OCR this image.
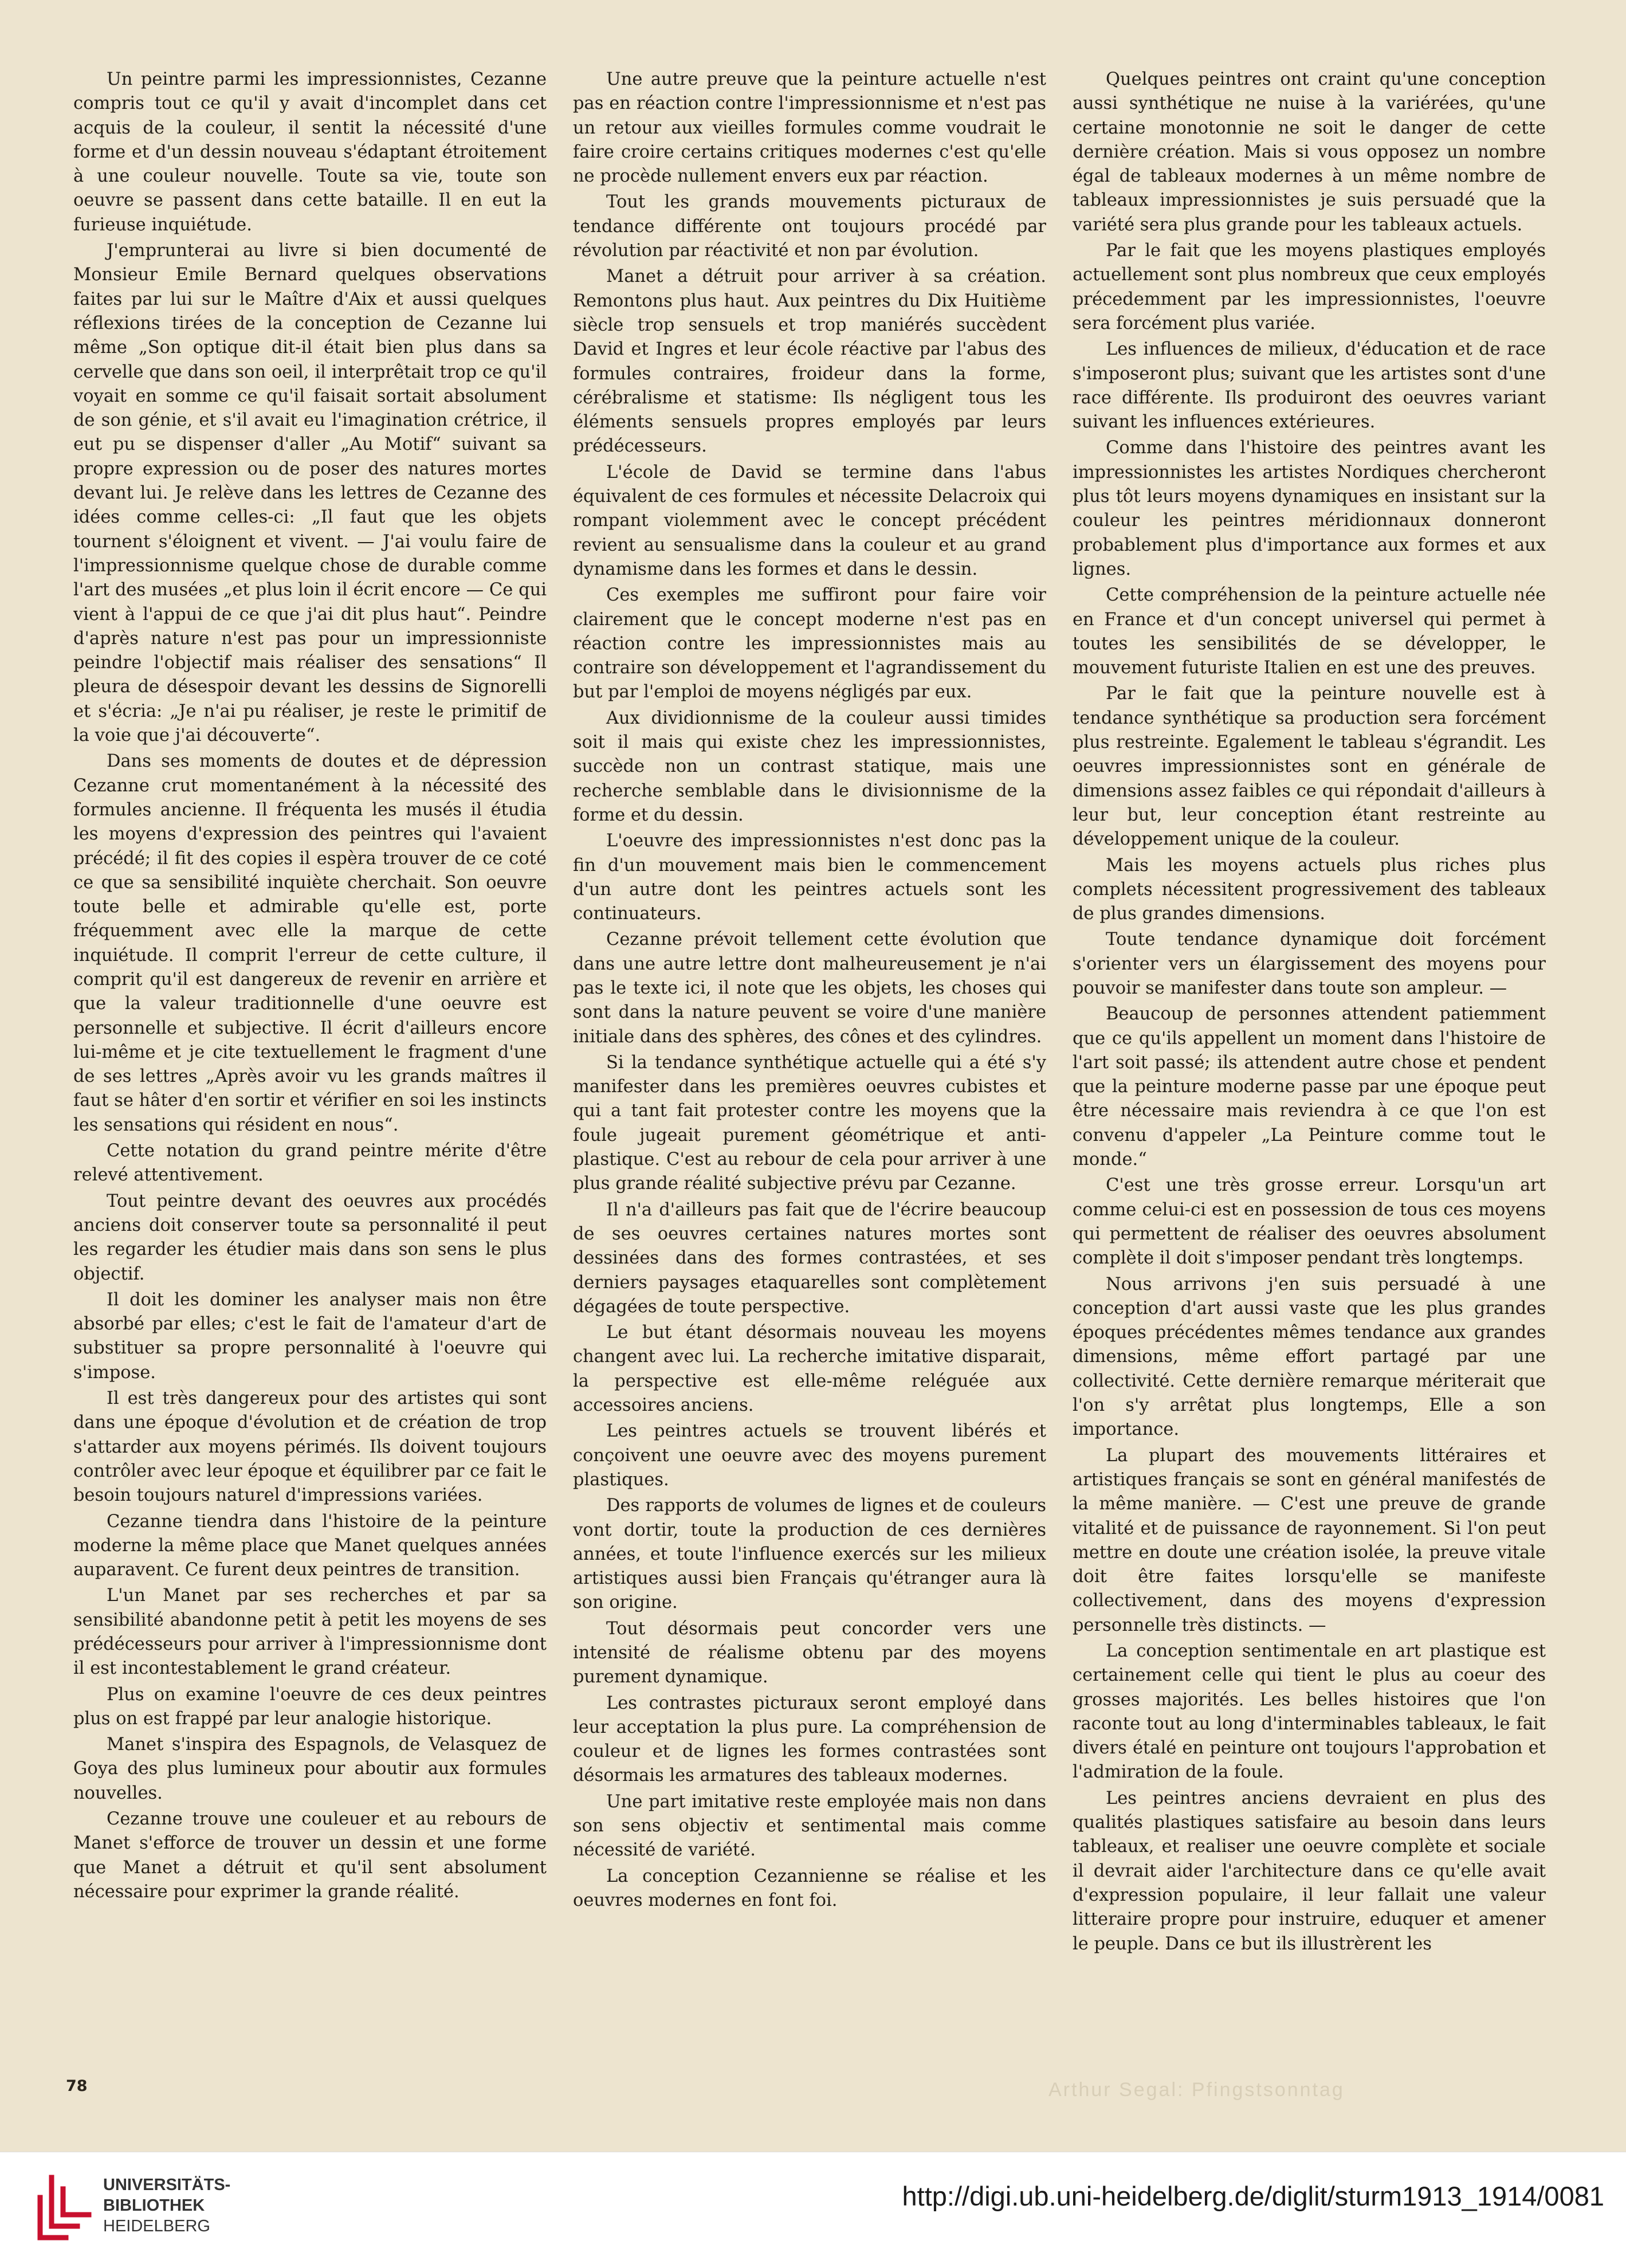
Un peintre parmi les impressionnistes, Cezanne compris tout ce qu'il y avait d'incomplet dans cet acquis de la couleur, il sentit la nécessité d'une forme et d'un dessin nouveau s'édaptant étroitement à une couleur nouvelle. Toute sa vie, toute son oeuvre se passent dans cette bataille. Il en eut la furieuse inquiétude.

J'emprunterai au livre si bien documenté de Monsieur Emile Bernard quelques observations faites par lui sur le Maître d'Aix et aussi quelques réflexions tirées de la conception de Cezanne lui même „Son optique dit-il était bien plus dans sa cervelle que dans son oeil, il interprêtait trop ce qu'il voyait en somme ce qu'il faisait sortait absolument de son génie, et s'il avait eu l'imagination crétrice, il eut pu se dispenser d'aller „Au Motif“ suivant sa propre expression ou de poser des natures mortes devant lui. Je relève dans les lettres de Cezanne des idées comme celles-ci: „Il faut que les objets tournent s'éloignent et vivent. — J'ai voulu faire de l'impressionnisme quelque chose de durable comme l'art des musées „et plus loin il écrit encore — Ce qui vient à l'appui de ce que j'ai dit plus haut“. Peindre d'après nature n'est pas pour un impressionniste peindre l'objectif mais réaliser des sensations“ Il pleura de désespoir devant les dessins de Signorelli et s'écria: „Je n'ai pu réaliser, je reste le primitif de la voie que j'ai découverte“.

Dans ses moments de doutes et de dépression Cezanne crut momentanément à la nécessité des formules ancienne. Il fréquenta les musés il étudia les moyens d'expression des peintres qui l'avaient précédé; il fit des copies il espèra trouver de ce coté ce que sa sensibilité inquiète cherchait. Son oeuvre toute belle et admirable qu'elle est, porte fréquemment avec elle la marque de cette inquiétude. Il comprit l'erreur de cette culture, il comprit qu'il est dangereux de revenir en arrière et que la valeur traditionnelle d'une oeuvre est personnelle et subjective. Il écrit d'ailleurs encore lui-même et je cite textuellement le fragment d'une de ses lettres „Après avoir vu les grands maîtres il faut se hâter d'en sortir et vérifier en soi les instincts les sensations qui résident en nous“.

Cette notation du grand peintre mérite d'être relevé attentivement.

Tout peintre devant des oeuvres aux procédés anciens doit conserver toute sa personnalité il peut les regarder les étudier mais dans son sens le plus objectif.

Il doit les dominer les analyser mais non être absorbé par elles; c'est le fait de l'amateur d'art de substituer sa propre personnalité à l'oeuvre qui s'impose.

Il est très dangereux pour des artistes qui sont dans une époque d'évolution et de création de trop s'attarder aux moyens périmés. Ils doivent toujours contrôler avec leur époque et équilibrer par ce fait le besoin toujours naturel d'impressions variées.

Cezanne tiendra dans l'histoire de la peinture moderne la même place que Manet quelques années auparavent. Ce furent deux peintres de transition.

L'un Manet par ses recherches et par sa sensibilité abandonne petit à petit les moyens de ses prédécesseurs pour arriver à l'impressionnisme dont il est incontestablement le grand créateur.

Plus on examine l'oeuvre de ces deux peintres plus on est frappé par leur analogie historique.

Manet s'inspira des Espagnols, de Velasquez de Goya des plus lumineux pour aboutir aux formules nouvelles.

Cezanne trouve une couleuer et au rebours de Manet s'efforce de trouver un dessin et une forme que Manet a détruit et qu'il sent absolument nécessaire pour exprimer la grande réalité.

Une autre preuve que la peinture actuelle n'est pas en réaction contre l'impressionnisme et n'est pas un retour aux vieilles formules comme voudrait le faire croire certains critiques modernes c'est qu'elle ne procède nullement envers eux par réaction.

Tout les grands mouvements picturaux de tendance différente ont toujours procédé par révolution par réactivité et non par évolution.

Manet a détruit pour arriver à sa création. Remontons plus haut. Aux peintres du Dix Huitième siècle trop sensuels et trop maniérés succèdent David et Ingres et leur école réactive par l'abus des formules contraires, froideur dans la forme, cérébralisme et statisme: Ils négligent tous les éléments sensuels propres employés par leurs prédécesseurs.

L'école de David se termine dans l'abus équivalent de ces formules et nécessite Delacroix qui rompant violemment avec le concept précédent revient au sensualisme dans la couleur et au grand dynamisme dans les formes et dans le dessin.

Ces exemples me suffiront pour faire voir clairement que le concept moderne n'est pas en réaction contre les impressionnistes mais au contraire son développement et l'agrandissement du but par l'emploi de moyens négligés par eux.

Aux dividionnisme de la couleur aussi timides soit il mais qui existe chez les impressionnistes, succède non un contrast statique, mais une recherche semblable dans le divisionnisme de la forme et du dessin.

L'oeuvre des impressionnistes n'est donc pas la fin d'un mouvement mais bien le commencement d'un autre dont les peintres actuels sont les continuateurs.

Cezanne prévoit tellement cette évolution que dans une autre lettre dont malheureusement je n'ai pas le texte ici, il note que les objets, les choses qui sont dans la nature peuvent se voire d'une manière initiale dans des sphères, des cônes et des cylindres.

Si la tendance synthétique actuelle qui a été s'y manifester dans les premières oeuvres cubistes et qui a tant fait protester contre les moyens que la foule jugeait purement géométrique et anti-plastique. C'est au rebour de cela pour arriver à une plus grande réalité subjective prévu par Cezanne.

Il n'a d'ailleurs pas fait que de l'écrire beaucoup de ses oeuvres certaines natures mortes sont dessinées dans des formes contrastées, et ses derniers paysages etaquarelles sont complètement dégagées de toute perspective.

Le but étant désormais nouveau les moyens changent avec lui. La recherche imitative disparait, la perspective est elle-même reléguée aux accessoires anciens.

Les peintres actuels se trouvent libérés et conçoivent une oeuvre avec des moyens purement plastiques.

Des rapports de volumes de lignes et de couleurs vont dortir, toute la production de ces dernières années, et toute l'influence exercés sur les milieux artistiques aussi bien Français qu'étranger aura là son origine.

Tout désormais peut concorder vers une intensité de réalisme obtenu par des moyens purement dynamique.

Les contrastes picturaux seront employé dans leur acceptation la plus pure. La compréhension de couleur et de lignes les formes contrastées sont désormais les armatures des tableaux modernes.

Une part imitative reste employée mais non dans son sens objectiv et sentimental mais comme nécessité de variété.

La conception Cezannienne se réalise et les oeuvres modernes en font foi.

Quelques peintres ont craint qu'une conception aussi synthétique ne nuise à la variérées, qu'une certaine monotonnie ne soit le danger de cette dernière création. Mais si vous opposez un nombre égal de tableaux modernes à un même nombre de tableaux impressionnistes je suis persuadé que la variété sera plus grande pour les tableaux actuels.

Par le fait que les moyens plastiques employés actuellement sont plus nombreux que ceux employés précedemment par les impressionnistes, l'oeuvre sera forcément plus variée.

Les influences de milieux, d'éducation et de race s'imposeront plus; suivant que les artistes sont d'une race différente. Ils produiront des oeuvres variant suivant les influences extérieures.

Comme dans l'histoire des peintres avant les impressionnistes les artistes Nordiques chercheront plus tôt leurs moyens dynamiques en insistant sur la couleur les peintres méridionnaux donneront probablement plus d'importance aux formes et aux lignes.

Cette compréhension de la peinture actuelle née en France et d'un concept universel qui permet à toutes les sensibilités de se développer, le mouvement futuriste Italien en est une des preuves.

Par le fait que la peinture nouvelle est à tendance synthétique sa production sera forcément plus restreinte. Egalement le tableau s'égrandit. Les oeuvres impressionnistes sont en générale de dimensions assez faibles ce qui répondait d'ailleurs à leur but, leur conception étant restreinte au développement unique de la couleur.

Mais les moyens actuels plus riches plus complets nécessitent progressivement des tableaux de plus grandes dimensions.

Toute tendance dynamique doit forcément s'orienter vers un élargissement des moyens pour pouvoir se manifester dans toute son ampleur. —

Beaucoup de personnes attendent patiemment que ce qu'ils appellent un moment dans l'histoire de l'art soit passé; ils attendent autre chose et pendent que la peinture moderne passe par une époque peut être nécessaire mais reviendra à ce que l'on est convenu d'appeler „La Peinture comme tout le monde.“

C'est une très grosse erreur. Lorsqu'un art comme celui-ci est en possession de tous ces moyens qui permettent de réaliser des oeuvres absolument complète il doit s'imposer pendant très longtemps.

Nous arrivons j'en suis persuadé à une conception d'art aussi vaste que les plus grandes époques précédentes mêmes tendance aux grandes dimensions, même effort partagé par une collectivité. Cette dernière remarque mériterait que l'on s'y arrêtat plus longtemps, Elle a son importance.

La plupart des mouvements littéraires et artistiques français se sont en général manifestés de la même manière. — C'est une preuve de grande vitalité et de puissance de rayonnement. Si l'on peut mettre en doute une création isolée, la preuve vitale doit être faites lorsqu'elle se manifeste collectivement, dans des moyens d'expression personnelle très distincts. —

La conception sentimentale en art plastique est certainement celle qui tient le plus au coeur des grosses majorités. Les belles histoires que l'on raconte tout au long d'interminables tableaux, le fait divers étalé en peinture ont toujours l'approbation et l'admiration de la foule.

Les peintres anciens devraient en plus des qualités plastiques satisfaire au besoin dans leurs tableaux, et realiser une oeuvre complète et sociale il devrait aider l'architecture dans ce qu'elle avait d'expression populaire, il leur fallait une valeur litteraire propre pour instruire, eduquer et amener le peuple. Dans ce but ils illustrèrent les

78	Arthur Segal: Pfingstsonntag
UNIVERSITÄTS-
BIBLIOTHEK
HEIDELBERG
http://digi.ub.uni-heidelberg.de/diglit/sturm1913_1914/0081
